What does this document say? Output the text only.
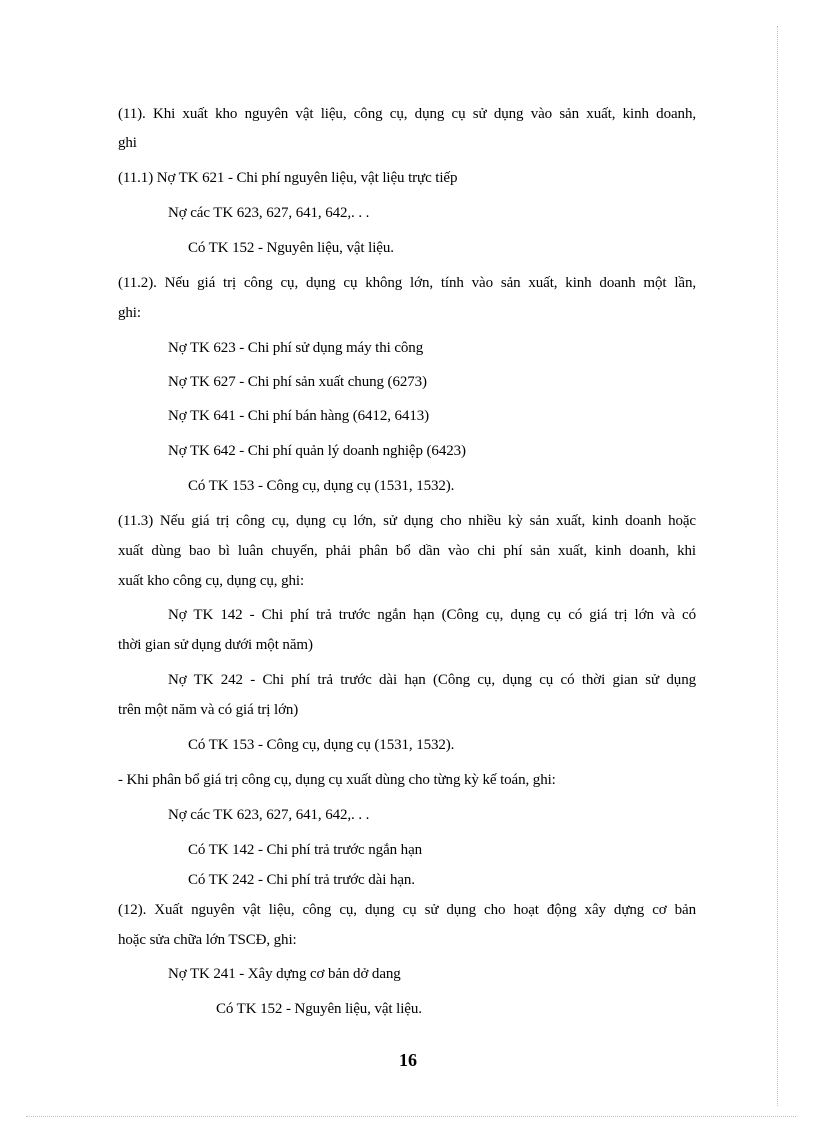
(11). Khi xuất kho nguyên vật liệu, công cụ, dụng cụ sử dụng vào sản xuất, kinh doanh,
ghi
(11.1) Nợ TK 621 - Chi phí nguyên liệu, vật liệu trực tiếp
Nợ các TK 623, 627, 641, 642,. . .
Có TK 152 - Nguyên liệu, vật liệu.
(11.2). Nếu giá trị công cụ, dụng cụ không lớn, tính vào sản xuất, kinh doanh một lần,
ghi:
Nợ TK 623 - Chi phí sử dụng máy thi công
Nợ TK 627 - Chi phí sản xuất chung (6273)
Nợ TK 641 - Chi phí bán hàng (6412, 6413)
Nợ TK 642 - Chi phí quản lý doanh nghiệp (6423)
Có TK 153 - Công cụ, dụng cụ (1531, 1532).
(11.3) Nếu giá trị công cụ, dụng cụ lớn, sử dụng cho nhiều kỳ sản xuất, kinh doanh hoặc
xuất dùng bao bì luân chuyển, phải phân bổ dần vào chi phí sản xuất, kinh doanh, khi
xuất kho công cụ, dụng cụ, ghi:
Nợ TK 142 - Chi phí trả trước ngắn hạn (Công cụ, dụng cụ có giá trị lớn và có
thời gian sử dụng dưới một năm)
Nợ TK 242 - Chi phí trả trước dài hạn (Công cụ, dụng cụ có thời gian sử dụng
trên một năm và có giá trị lớn)
Có TK 153 - Công cụ, dụng cụ (1531, 1532).
- Khi phân bổ giá trị công cụ, dụng cụ xuất dùng cho từng kỳ kế toán, ghi:
Nợ các TK 623, 627, 641, 642,. . .
Có TK 142 - Chi phí trả trước ngắn hạn
Có TK 242 - Chi phí trả trước dài hạn.
(12). Xuất nguyên vật liệu, công cụ, dụng cụ sử dụng cho hoạt động xây dựng cơ bản
hoặc sửa chữa lớn TSCĐ, ghi:
Nợ TK 241 - Xây dựng cơ bản dở dang
Có TK 152 - Nguyên liệu, vật liệu.
16
